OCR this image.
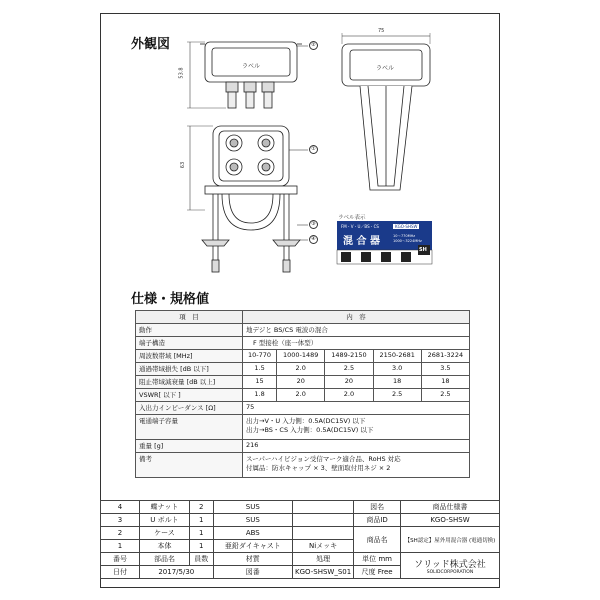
外観図
75
53.8
63
ラベル	ラベル
②
①
③
④
ラベル表示
FM・V・U／BS・CS	KGO-SHSW
混 合 器	10〜770MHz
1000〜3224MHz
SH
仕様・規格値
項　目	内　容				
動作	地デジと BS/CS 電波の混合				
端子構造	F 型接栓（座一体型）				
周波数帯域 [MHz]	10-770	1000-1489	1489-2150	2150-2681	2681-3224
通過帯域損失 [dB 以下]	1.5	2.0	2.5	3.0	3.5
阻止帯域減衰量 [dB 以上]	15	20	20	18	18
VSWR[ 以下 ]	1.8	2.0	2.0	2.5	2.5
入出力インピーダンス [Ω]	75				
電通端子容量	出力→V・U 入力側：0.5A(DC15V) 以下
出力→BS・CS 入力側：0.5A(DC15V) 以下				

重量 [g]	216				
備考	スーパーハイビジョン受信マーク適合品、RoHS 対応
付属品：防水キャップ × 3、壁面取付用ネジ × 2				
4	蝶ナット	2	SUS		図名	商品仕様書
3	U ボルト	1	SUS		商品ID	KGO-SHSW
2	ケース	1	ABS		商品名	【SH認定】屋外用混合器 (電通切換)
1	本体	1	亜鉛ダイキャスト	Niメッキ		
番号	部品名	員数	材質	処理	単位 mm	ソリッド株式会社
SOLIDCORPORATION

日付	2017/5/30		図番	KGO-SHSW_S01	尺度 Free	
